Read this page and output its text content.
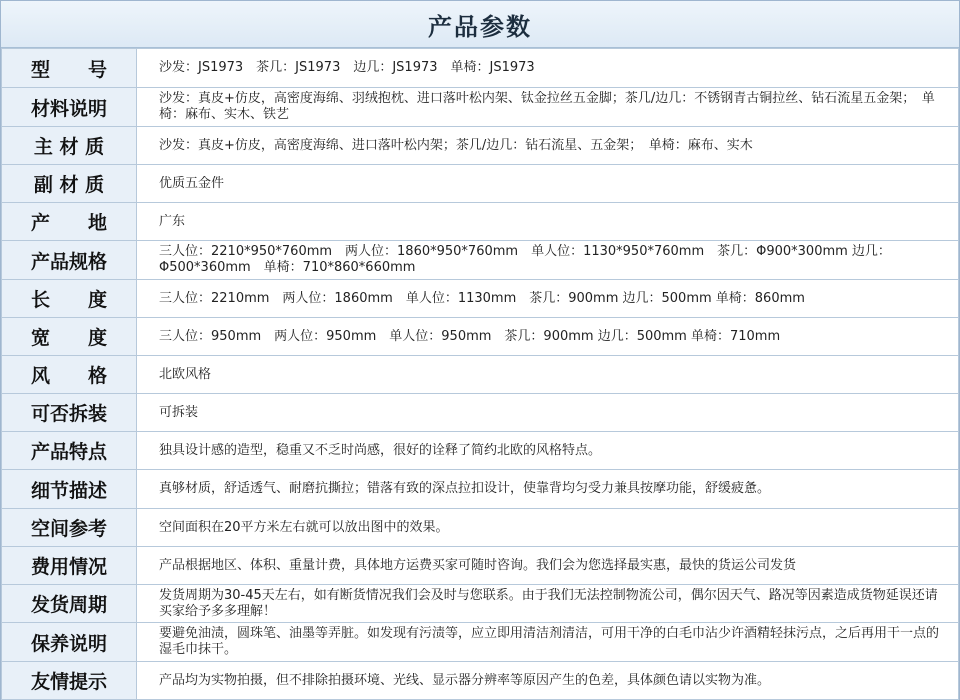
产品参数
型　　号	沙发：JS1973　茶几：JS1973　边几：JS1973　单椅：JS1973

材料说明	沙发：真皮+仿皮，高密度海绵、羽绒抱枕、进口落叶松内架、钛金拉丝五金脚；茶几/边几：不锈钢青古铜拉丝、钻石流星五金架；　单椅：麻布、实木、铁艺

主 材 质	沙发：真皮+仿皮，高密度海绵、进口落叶松内架；茶几/边几：钻石流星、五金架；　单椅：麻布、实木

副 材 质	优质五金件

产　　地	广东

产品规格	三人位：2210*950*760mm　两人位：1860*950*760mm　单人位：1130*950*760mm　茶几：Φ900*300mm 边几：Φ500*360mm　单椅：710*860*660mm

长　　度	三人位：2210mm　两人位：1860mm　单人位：1130mm　茶几：900mm 边几：500mm 单椅：860mm

宽　　度	三人位：950mm　两人位：950mm　单人位：950mm　茶几：900mm 边几：500mm 单椅：710mm

风　　格	北欧风格

可否拆装	可拆装

产品特点	独具设计感的造型，稳重又不乏时尚感，很好的诠释了简约北欧的风格特点。

细节描述	真够材质，舒适透气、耐磨抗撕拉；错落有致的深点拉扣设计，使靠背均匀受力兼具按摩功能，舒缓疲惫。

空间参考	空间面积在20平方米左右就可以放出图中的效果。

费用情况	产品根据地区、体积、重量计费，具体地方运费买家可随时咨询。我们会为您选择最实惠，最快的货运公司发货

发货周期	发货周期为30-45天左右，如有断货情况我们会及时与您联系。由于我们无法控制物流公司，偶尔因天气、路况等因素造成货物延误还请买家给予多多理解！

保养说明	要避免油渍，圆珠笔、油墨等弄脏。如发现有污渍等，应立即用清洁剂清洁，可用干净的白毛巾沾少许酒精轻抹污点，之后再用干一点的湿毛巾抹干。

友情提示	产品均为实物拍摄，但不排除拍摄环境、光线、显示器分辨率等原因产生的色差，具体颜色请以实物为准。
